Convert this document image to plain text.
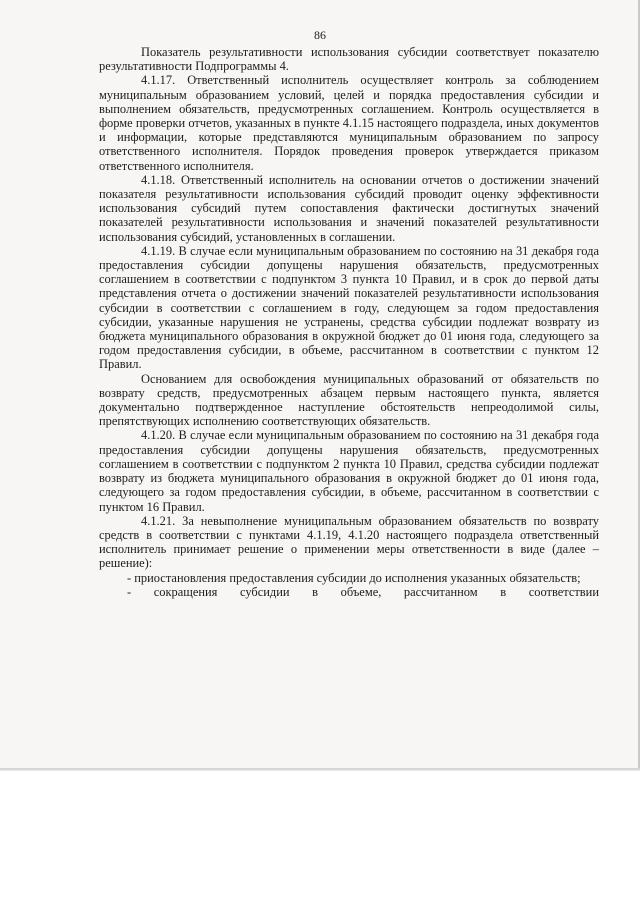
86

Показатель результативности использования субсидии соответствует показателю результативности Подпрограммы 4.

4.1.17. Ответственный исполнитель осуществляет контроль за соблюдением муниципальным образованием условий, целей и порядка предоставления субсидии и выполнением обязательств, предусмотренных соглашением. Контроль осуществляется в форме проверки отчетов, указанных в пункте 4.1.15 настоящего подраздела, иных документов и информации, которые представляются муниципальным образованием по запросу ответственного исполнителя. Порядок проведения проверок утверждается приказом ответственного исполнителя.

4.1.18. Ответственный исполнитель на основании отчетов о достижении значений показателя результативности использования субсидий проводит оценку эффективности использования субсидий путем сопоставления фактически достигнутых значений показателей результативности использования и значений показателей результативности использования субсидий, установленных в соглашении.

4.1.19. В случае если муниципальным образованием по состоянию на 31 декабря года предоставления субсидии допущены нарушения обязательств, предусмотренных соглашением в соответствии с подпунктом 3 пункта 10 Правил, и в срок до первой даты представления отчета о достижении значений показателей результативности использования субсидии в соответствии с соглашением в году, следующем за годом предоставления субсидии, указанные нарушения не устранены, средства субсидии подлежат возврату из бюджета муниципального образования в окружной бюджет до 01 июня года, следующего за годом предоставления субсидии, в объеме, рассчитанном в соответствии с пунктом 12 Правил.

Основанием для освобождения муниципальных образований от обязательств по возврату средств, предусмотренных абзацем первым настоящего пункта, является документально подтвержденное наступление обстоятельств непреодолимой силы, препятствующих исполнению соответствующих обязательств.

4.1.20. В случае если муниципальным образованием по состоянию на 31 декабря года предоставления субсидии допущены нарушения обязательств, предусмотренных соглашением в соответствии с подпунктом 2 пункта 10 Правил, средства субсидии подлежат возврату из бюджета муниципального образования в окружной бюджет до 01 июня года, следующего за годом предоставления субсидии, в объеме, рассчитанном в соответствии с пунктом 16 Правил.

4.1.21. За невыполнение муниципальным образованием обязательств по возврату средств в соответствии с пунктами 4.1.19, 4.1.20 настоящего подраздела ответственный исполнитель принимает решение о применении меры ответственности в виде (далее – решение):

- приостановления предоставления субсидии до исполнения указанных обязательств;

- сокращения субсидии в объеме, рассчитанном в соответствии
